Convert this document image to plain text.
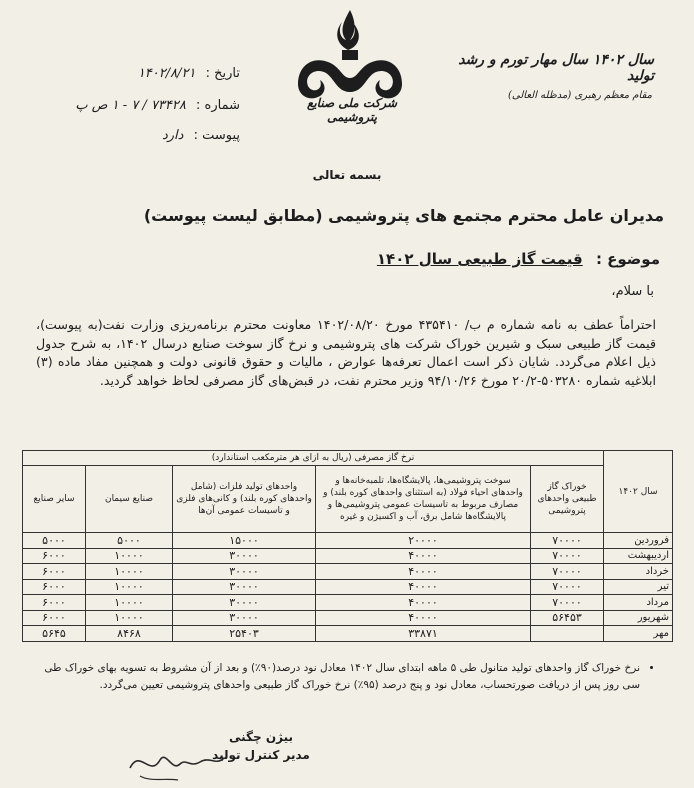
سال ۱۴۰۲ سال مهار تورم و رشد تولید
مقام معظم رهبری (مدظله العالی)
شرکت ملی صنایع پتروشیمی
تاریخ : ۱۴۰۲/۸/۲۱
شماره : ۷۳۴۲۸ / ۷ - ۱ ص پ
پیوست : دارد
بسمه تعالی
مدیران عامل محترم مجتمع های پتروشیمی (مطابق لیست پیوست)
موضوع : قیمت گاز طبیعی سال ۱۴۰۲
با سلام،
احتراماً عطف به نامه شماره م ب/ ۴۳۵۴۱۰ مورخ ۱۴۰۲/۰۸/۲۰ معاونت محترم برنامه‌ریزی وزارت نفت(به پیوست)، قیمت گاز طبیعی سبک و شیرین خوراک شرکت های پتروشیمی و نرخ گاز سوخت صنایع درسال ۱۴۰۲، به شرح جدول ذیل اعلام می‌گردد. شایان ذکر است اعمال تعرفه‌ها عوارض ، مالیات و حقوق قانونی دولت و همچنین مفاد ماده (۳) ابلاغیه شماره ۵۰۳۲۸۰-۲۰/۲ مورخ ۹۴/۱۰/۲۶ وزیر محترم نفت، در قبض‌های گاز مصرفی لحاظ خواهد گردید.
سال ۱۴۰۲	نرخ گاز مصرفی (ریال به ازای هر مترمکعب استاندارد)				
	خوراک گاز طبیعی واحدهای پتروشیمی	سوخت پتروشیمی‌ها، پالایشگاه‌ها، تلمبه‌خانه‌ها و واحدهای احیاء فولاد (به استثنای واحدهای کوره بلند) و مصارف مربوط به تاسیسات عمومی پتروشیمی‌ها و پالایشگاه‌ها شامل برق، آب و اکسیژن و غیره	واحدهای تولید فلزات (شامل واحدهای کوره بلند) و کانی‌های فلزی و تاسیسات عمومی آن‌ها	صنایع سیمان	سایر صنایع
فروردین	۷۰۰۰۰	۲۰۰۰۰	۱۵۰۰۰	۵۰۰۰	۵۰۰۰
اردیبهشت	۷۰۰۰۰	۴۰۰۰۰	۳۰۰۰۰	۱۰۰۰۰	۶۰۰۰
خرداد	۷۰۰۰۰	۴۰۰۰۰	۳۰۰۰۰	۱۰۰۰۰	۶۰۰۰
تیر	۷۰۰۰۰	۴۰۰۰۰	۳۰۰۰۰	۱۰۰۰۰	۶۰۰۰
مرداد	۷۰۰۰۰	۴۰۰۰۰	۳۰۰۰۰	۱۰۰۰۰	۶۰۰۰
شهریور	۵۶۴۵۳	۴۰۰۰۰	۳۰۰۰۰	۱۰۰۰۰	۶۰۰۰
مهر		۳۳۸۷۱	۲۵۴۰۳	۸۴۶۸	۵۶۴۵
• نرخ خوراک گاز واحدهای تولید متانول طی ۵ ماهه ابتدای سال ۱۴۰۲ معادل نود درصد(۹۰٪) و بعد از آن مشروط به تسویه بهای خوراک طی سی روز پس از دریافت صورتحساب، معادل نود و پنج درصد (۹۵٪) نرخ خوراک گاز طبیعی واحدهای پتروشیمی تعیین می‌گردد.
بیژن چگنی
مدیر کنترل تولید
